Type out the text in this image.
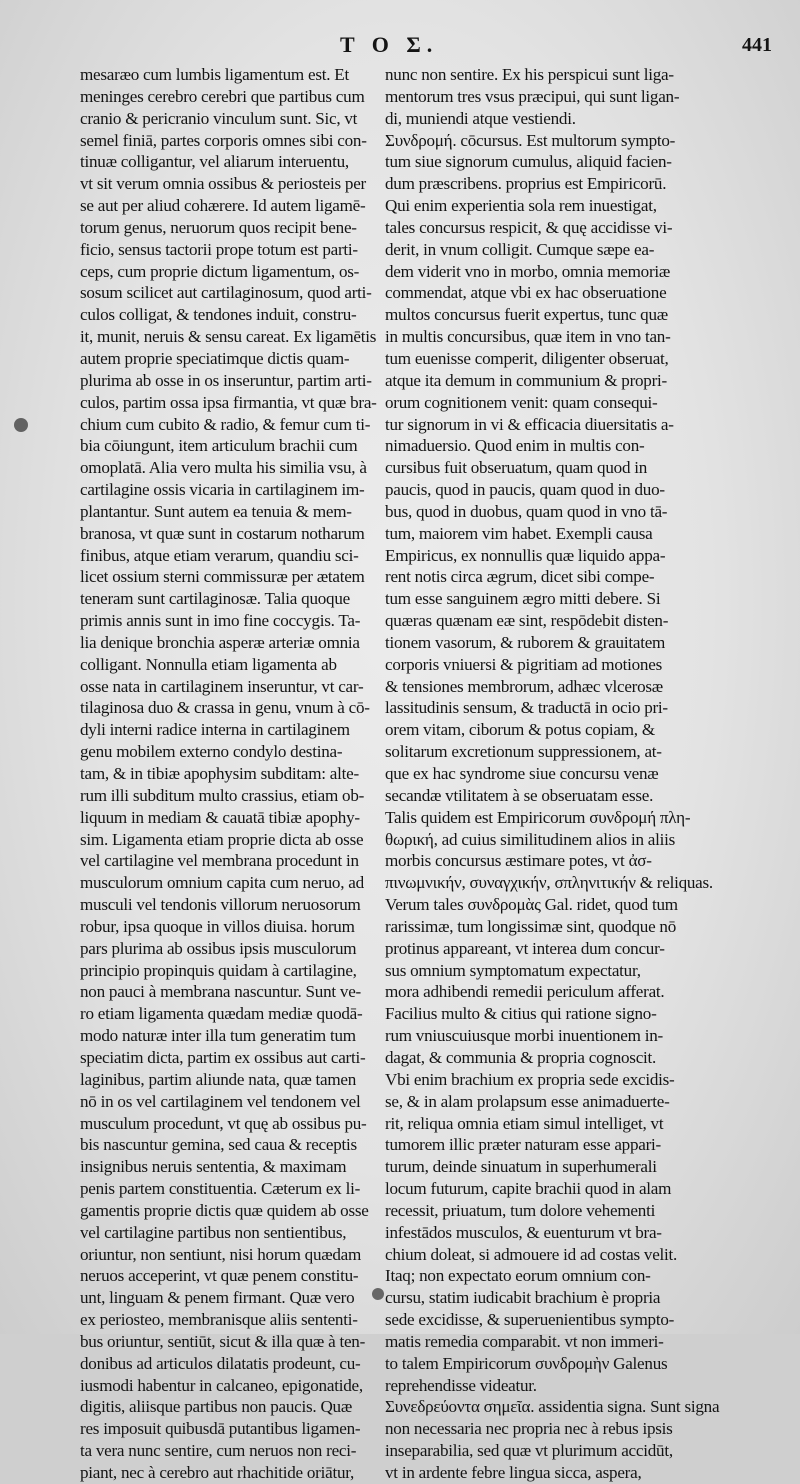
T O Σ.	441
mesaræo cum lumbis ligamentum est. Et
meninges cerebro cerebri que partibus cum
cranio & pericranio vinculum sunt. Sic, vt
semel finiā, partes corporis omnes sibi con-
tinuæ colligantur, vel aliarum interuentu,
vt sit verum omnia ossibus & periosteis per
se aut per aliud cohærere. Id autem ligamē-
torum genus, neruorum quos recipit bene-
ficio, sensus tactorii prope totum est parti-
ceps, cum proprie dictum ligamentum, os-
sosum scilicet aut cartilaginosum, quod arti-
culos colligat, & tendones induit, constru-
it, munit, neruis & sensu careat. Ex ligamētis
autem proprie speciatimque dictis quam-
plurima ab osse in os inseruntur, partim arti-
culos, partim ossa ipsa firmantia, vt quæ bra-
chium cum cubito & radio, & femur cum ti-
bia cōiungunt, item articulum brachii cum
omoplatā. Alia vero multa his similia vsu, à
cartilagine ossis vicaria in cartilaginem im-
plantantur. Sunt autem ea tenuia & mem-
branosa, vt quæ sunt in costarum notharum
finibus, atque etiam verarum, quandiu sci-
licet ossium sterni commissuræ per ætatem
teneram sunt cartilaginosæ. Talia quoque
primis annis sunt in imo fine coccygis. Ta-
lia denique bronchia asperæ arteriæ omnia
colligant. Nonnulla etiam ligamenta ab
osse nata in cartilaginem inseruntur, vt car-
tilaginosa duo & crassa in genu, vnum à cō-
dyli interni radice interna in cartilaginem
genu mobilem externo condylo destina-
tam, & in tibiæ apophysim subditam: alte-
rum illi subditum multo crassius, etiam ob-
liquum in mediam & cauatā tibiæ apophy-
sim. Ligamenta etiam proprie dicta ab osse
vel cartilagine vel membrana procedunt in
musculorum omnium capita cum neruo, ad
musculi vel tendonis villorum neruosorum
robur, ipsa quoque in villos diuisa. horum
pars plurima ab ossibus ipsis musculorum
principio propinquis quidam à cartilagine,
non pauci à membrana nascuntur. Sunt ve-
ro etiam ligamenta quædam mediæ quodā-
modo naturæ inter illa tum generatim tum
speciatim dicta, partim ex ossibus aut carti-
laginibus, partim aliunde nata, quæ tamen
nō in os vel cartilaginem vel tendonem vel
musculum procedunt, vt quę ab ossibus pu-
bis nascuntur gemina, sed caua & receptis
insignibus neruis sententia, & maximam
penis partem constituentia. Cæterum ex li-
gamentis proprie dictis quæ quidem ab osse
vel cartilagine partibus non sentientibus,
oriuntur, non sentiunt, nisi horum quædam
neruos acceperint, vt quæ penem constitu-
unt, linguam & penem firmant. Quæ vero
ex periosteo, membranisque aliis sententi-
bus oriuntur, sentiūt, sicut & illa quæ à ten-
donibus ad articulos dilatatis prodeunt, cu-
iusmodi habentur in calcaneo, epigonatide,
digitis, aliisque partibus non paucis. Quæ
res imposuit quibusdā putantibus ligamen-
ta vera nunc sentire, cum neruos non reci-
piant, nec à cerebro aut rhachitide oriātur,
nunc non sentire. Ex his perspicui sunt liga-
mentorum tres vsus præcipui, qui sunt ligan-
di, muniendi atque vestiendi.
Συνδρομή. cōcursus. Est multorum sympto-
tum siue signorum cumulus, aliquid facien-
dum præscribens. proprius est Empiricorū.
Qui enim experientia sola rem inuestigat,
tales concursus respicit, & quę accidisse vi-
derit, in vnum colligit. Cumque sæpe ea-
dem viderit vno in morbo, omnia memoriæ
commendat, atque vbi ex hac obseruatione
multos concursus fuerit expertus, tunc quæ
in multis concursibus, quæ item in vno tan-
tum euenisse comperit, diligenter obseruat,
atque ita demum in communium & propri-
orum cognitionem venit: quam consequi-
tur signorum in vi & efficacia diuersitatis a-
nimaduersio. Quod enim in multis con-
cursibus fuit obseruatum, quam quod in
paucis, quod in paucis, quam quod in duo-
bus, quod in duobus, quam quod in vno tā-
tum, maiorem vim habet. Exempli causa
Empiricus, ex nonnullis quæ liquido appa-
rent notis circa ægrum, dicet sibi compe-
tum esse sanguinem ægro mitti debere. Si
quæras quænam eæ sint, respōdebit disten-
tionem vasorum, & ruborem & grauitatem
corporis vniuersi & pigritiam ad motiones
& tensiones membrorum, adhæc vlcerosæ
lassitudinis sensum, & traductā in ocio pri-
orem vitam, ciborum & potus copiam, &
solitarum excretionum suppressionem, at-
que ex hac syndrome siue concursu venæ
secandæ vtilitatem à se obseruatam esse.
Talis quidem est Empiricorum συνδρομή πλη-
θωρική, ad cuius similitudinem alios in aliis
morbis concursus æstimare potes, vt ἀσ-
πινωμνικήν, συναγχικήν, σπληνιτικήν & reliquas.
Verum tales συνδρομὰς Gal. ridet, quod tum
rarissimæ, tum longissimæ sint, quodque nō
protinus appareant, vt interea dum concur-
sus omnium symptomatum expectatur,
mora adhibendi remedii periculum afferat.
Facilius multo & citius qui ratione signo-
rum vniuscuiusque morbi inuentionem in-
dagat, & communia & propria cognoscit.
Vbi enim brachium ex propria sede excidis-
se, & in alam prolapsum esse animaduerte-
rit, reliqua omnia etiam simul intelliget, vt
tumorem illic præter naturam esse appari-
turum, deinde sinuatum in superhumerali
locum futurum, capite brachii quod in alam
recessit, priuatum, tum dolore vehementi
infestādos musculos, & euenturum vt bra-
chium doleat, si admouere id ad costas velit.
Itaq; non expectato eorum omnium con-
cursu, statim iudicabit brachium è propria
sede excidisse, & superuenientibus sympto-
matis remedia comparabit. vt non immeri-
to talem Empiricorum συνδρομὴν Galenus
reprehendisse videatur.
Συνεδρεύοντα σημεῖα. assidentia signa. Sunt signa
non necessaria nec propria nec à rebus ipsis
inseparabilia, sed quæ vt plurimum accidūt,
vt in ardente febre lingua sicca, aspera,
